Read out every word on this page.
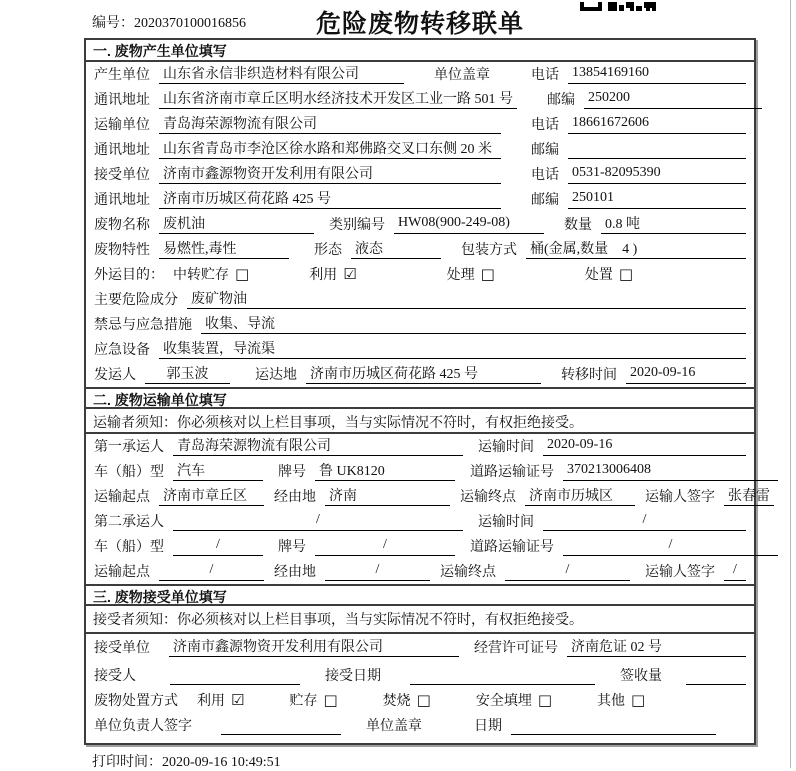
编号：2020370100016856	危险废物转移联单
一. 废物产生单位填写
产生单位 山东省永信非织造材料有限公司	单位盖章	电话 13854169160
通讯地址 山东省济南市章丘区明水经济技术开发区工业一路 501 号 邮编 250200
运输单位 青岛海荣源物流有限公司	电话 18661672606
通讯地址 山东省青岛市李沧区徐水路和郑佛路交叉口东侧 20 米	邮编
接受单位 济南市鑫源物资开发利用有限公司	电话 0531-82095390
通讯地址 济南市历城区荷花路 425 号	邮编 250101
废物名称 废机油	类别编号 HW08(900-249-08)	数量 0.8 吨
废物特性 易燃性,毒性	形态 液态	包装方式 桶(金属,数量　4 )
外运目的： 中转贮存 □	利用 ☑	处理 □	处置 □
主要危险成分 废矿物油
禁忌与应急措施 收集、导流
应急设备 收集装置，导流渠
发运人	郭玉波	运达地 济南市历城区荷花路 425 号	转移时间 2020-09-16
二. 废物运输单位填写
运输者须知：你必须核对以上栏目事项，当与实际情况不符时，有权拒绝接受。
第一承运人 青岛海荣源物流有限公司	运输时间 2020-09-16
车（船）型 汽车	牌号 鲁 UK8120	道路运输证号 370213006408
运输起点 济南市章丘区	经由地 济南	运输终点 济南市历城区	运输人签字 张春雷
第二承运人	/	运输时间	/
车（船）型	/	牌号	/	道路运输证号	/
运输起点	/	经由地	/	运输终点	/	运输人签字	/
三. 废物接受单位填写
接受者须知：你必须核对以上栏目事项，当与实际情况不符时，有权拒绝接受。
接受单位 济南市鑫源物资开发利用有限公司	经营许可证号 济南危证 02 号
接受人	接受日期	签收量
废物处置方式 利用 ☑	贮存 □	焚烧 □	安全填埋 □	其他 □
单位负责人签字	单位盖章	日期
打印时间：2020-09-16 10:49:51
